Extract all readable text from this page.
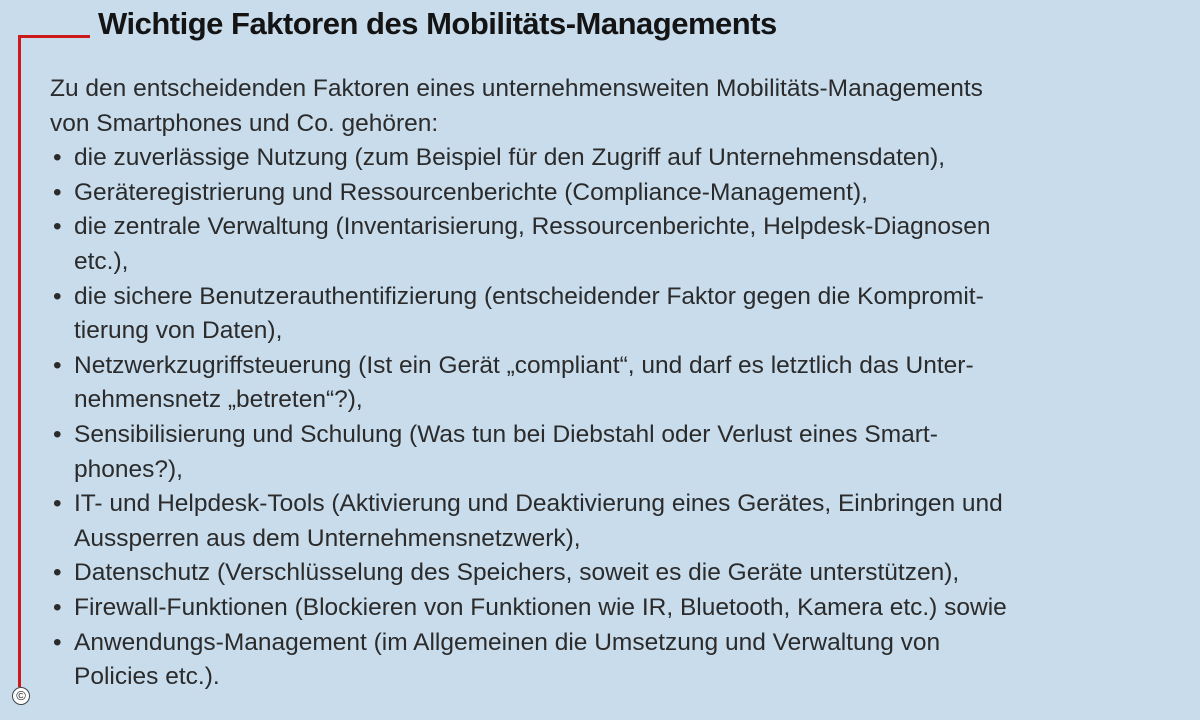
Wichtige Faktoren des Mobilitäts-Managements

Zu den entscheidenden Faktoren eines unternehmensweiten Mobilitäts-Managements
von Smartphones und Co. gehören:

• die zuverlässige Nutzung (zum Beispiel für den Zugriff auf Unternehmensdaten),
• Geräteregistrierung und Ressourcenberichte (Compliance-Management),
• die zentrale Verwaltung (Inventarisierung, Ressourcenberichte, Helpdesk-Diagnosen
etc.),
• die sichere Benutzerauthentifizierung (entscheidender Faktor gegen die Kompromit-
tierung von Daten),
• Netzwerkzugriffsteuerung (Ist ein Gerät „compliant“, und darf es letztlich das Unter-
nehmensnetz „betreten“?),
• Sensibilisierung und Schulung (Was tun bei Diebstahl oder Verlust eines Smart-
phones?),
• IT- und Helpdesk-Tools (Aktivierung und Deaktivierung eines Gerätes, Einbringen und
Aussperren aus dem Unternehmensnetzwerk),
• Datenschutz (Verschlüsselung des Speichers, soweit es die Geräte unterstützen),
• Firewall-Funktionen (Blockieren von Funktionen wie IR, Bluetooth, Kamera etc.) sowie
• Anwendungs-Management (im Allgemeinen die Umsetzung und Verwaltung von
Policies etc.).
©
